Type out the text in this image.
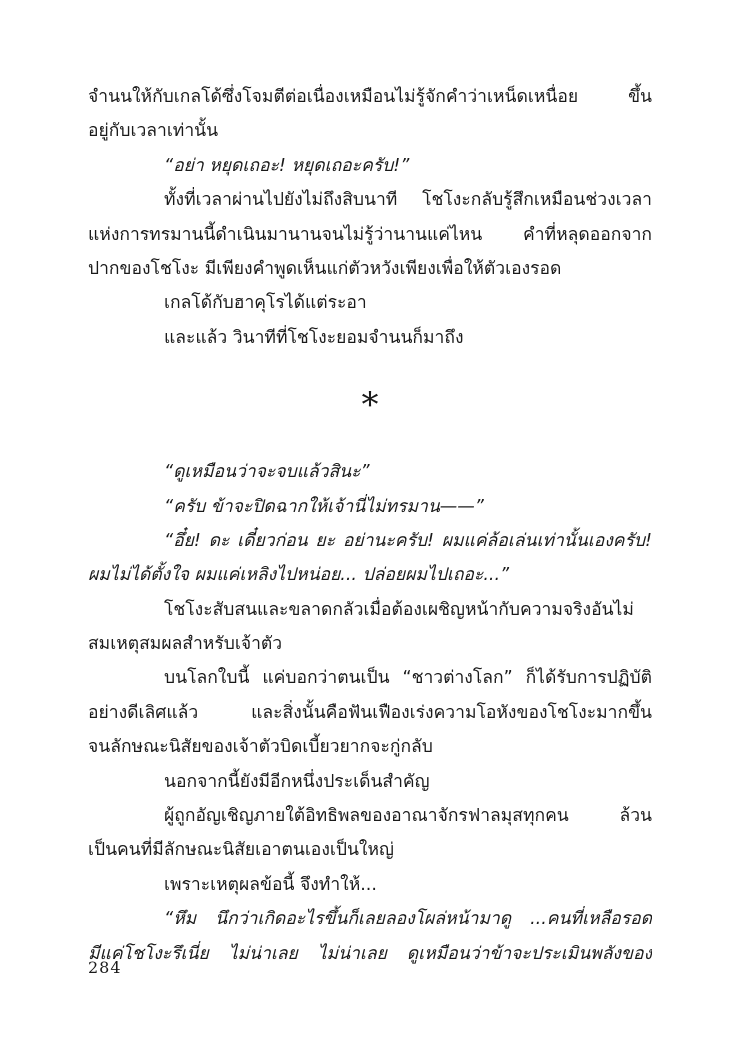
จำนนให้กับเกลโด้ซึ่งโจมตีต่อเนื่องเหมือนไม่รู้จักคำว่าเหน็ดเหนื่อย ขึ้น
อยู่กับเวลาเท่านั้น
“อย่า หยุดเถอะ! หยุดเถอะครับ!”
ทั้งที่เวลาผ่านไปยังไม่ถึงสิบนาที โชโงะกลับรู้สึกเหมือนช่วงเวลา
แห่งการทรมานนี้ดำเนินมานานจนไม่รู้ว่านานแค่ไหน คำที่หลุดออกจาก
ปากของโชโงะ มีเพียงคำพูดเห็นแก่ตัวหวังเพียงเพื่อให้ตัวเองรอด
เกลโด้กับฮาคุโรได้แต่ระอา
และแล้ว วินาทีที่โชโงะยอมจำนนก็มาถึง
*
“ดูเหมือนว่าจะจบแล้วสินะ”
“ครับ ข้าจะปิดฉากให้เจ้านี่ไม่ทรมาน——”
“อึ๋ย! ดะ เดี๋ยวก่อน ยะ อย่านะครับ! ผมแค่ล้อเล่นเท่านั้นเองครับ!
ผมไม่ได้ตั้งใจ ผมแค่เหลิงไปหน่อย... ปล่อยผมไปเถอะ...”
โชโงะสับสนและขลาดกลัวเมื่อต้องเผชิญหน้ากับความจริงอันไม่
สมเหตุสมผลสำหรับเจ้าตัว
บนโลกใบนี้ แค่บอกว่าตนเป็น “ชาวต่างโลก” ก็ได้รับการปฏิบัติ
อย่างดีเลิศแล้ว และสิ่งนั้นคือฟันเฟืองเร่งความโอหังของโชโงะมากขึ้น
จนลักษณะนิสัยของเจ้าตัวบิดเบี้ยวยากจะกู่กลับ
นอกจากนี้ยังมีอีกหนึ่งประเด็นสำคัญ
ผู้ถูกอัญเชิญภายใต้อิทธิพลของอาณาจักรฟาลมุสทุกคน ล้วน
เป็นคนที่มีลักษณะนิสัยเอาตนเองเป็นใหญ่
เพราะเหตุผลข้อนี้ จึงทำให้...
“หึม นึกว่าเกิดอะไรขึ้นก็เลยลองโผล่หน้ามาดู ...คนที่เหลือรอด
มีแค่โชโงะรึเนี่ย ไม่น่าเลย ไม่น่าเลย ดูเหมือนว่าข้าจะประเมินพลังของ
284
